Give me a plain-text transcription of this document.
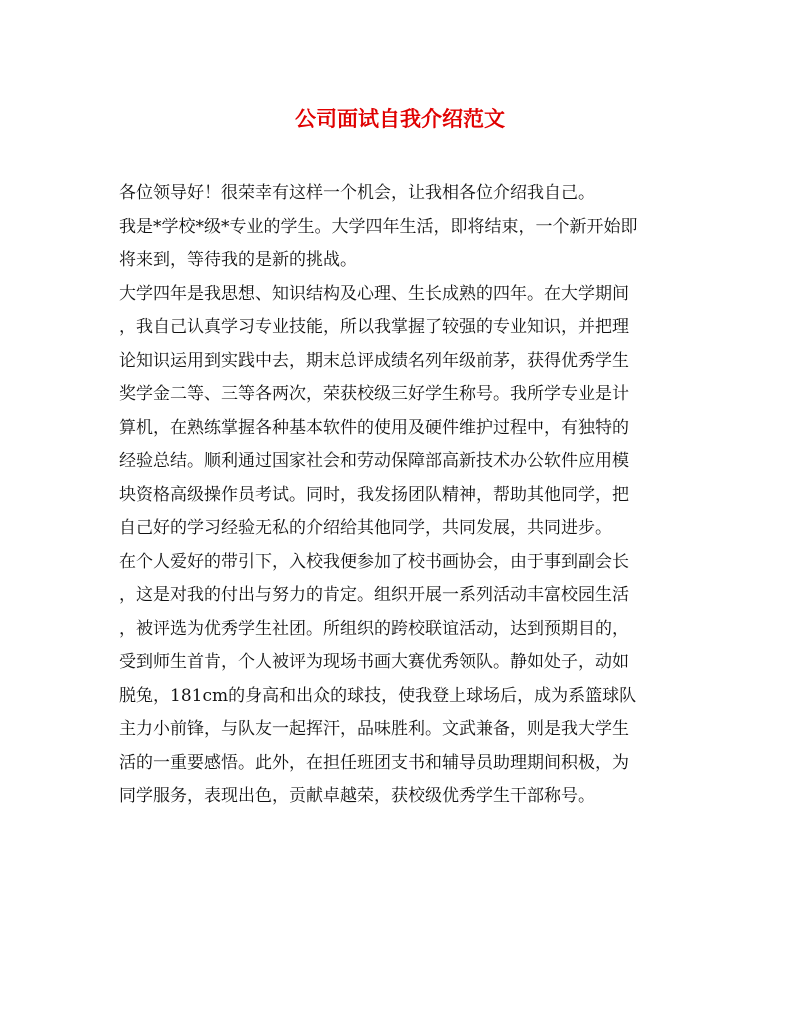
公司面试自我介绍范文

各位领导好！很荣幸有这样一个机会，让我相各位介绍我自己。

我是*学校*级*专业的学生。大学四年生活，即将结束，一个新开始即
将来到，等待我的是新的挑战。

大学四年是我思想、知识结构及心理、生长成熟的四年。在大学期间
，我自己认真学习专业技能，所以我掌握了较强的专业知识，并把理
论知识运用到实践中去，期末总评成绩名列年级前茅，获得优秀学生
奖学金二等、三等各两次，荣获校级三好学生称号。我所学专业是计
算机，在熟练掌握各种基本软件的使用及硬件维护过程中，有独特的
经验总结。顺利通过国家社会和劳动保障部高新技术办公软件应用模
块资格高级操作员考试。同时，我发扬团队精神，帮助其他同学，把
自己好的学习经验无私的介绍给其他同学，共同发展，共同进步。

在个人爱好的带引下，入校我便参加了校书画协会，由于事到副会长
，这是对我的付出与努力的肯定。组织开展一系列活动丰富校园生活
，被评选为优秀学生社团。所组织的跨校联谊活动，达到预期目的，
受到师生首肯，个人被评为现场书画大赛优秀领队。静如处子，动如
脱兔，181cm的身高和出众的球技，使我登上球场后，成为系篮球队
主力小前锋，与队友一起挥汗，品味胜利。文武兼备，则是我大学生
活的一重要感悟。此外，在担任班团支书和辅导员助理期间积极，为
同学服务，表现出色，贡献卓越荣，获校级优秀学生干部称号。
